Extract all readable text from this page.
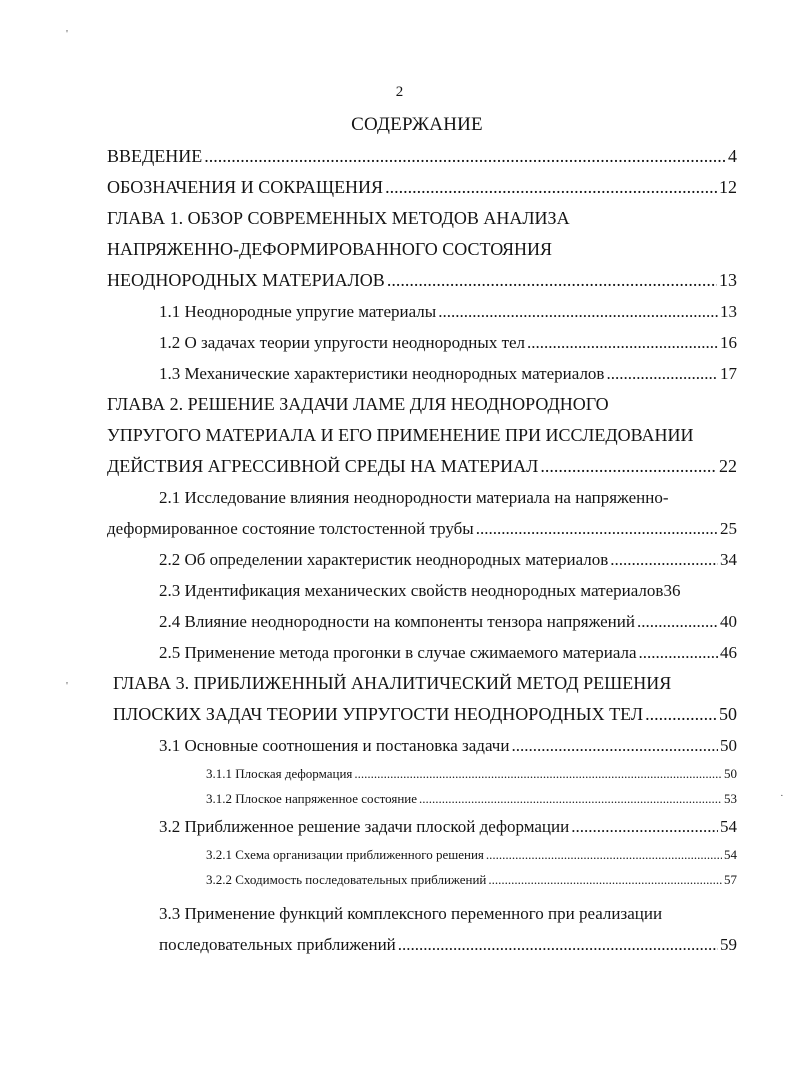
2
СОДЕРЖАНИЕ
'
'
·
ВВЕДЕНИЕ .....	4
ОБОЗНАЧЕНИЯ И СОКРАЩЕНИЯ .....	12
ГЛАВА 1. ОБЗОР СОВРЕМЕННЫХ МЕТОДОВ АНАЛИЗА
НАПРЯЖЕННО-ДЕФОРМИРОВАННОГО СОСТОЯНИЯ
НЕОДНОРОДНЫХ МАТЕРИАЛОВ .....	13
1.1 Неоднородные упругие материалы .....	13
1.2 О задачах теории упругости неоднородных тел .....	16
1.3 Механические характеристики неоднородных материалов .....	17
ГЛАВА 2. РЕШЕНИЕ ЗАДАЧИ ЛАМЕ ДЛЯ НЕОДНОРОДНОГО
УПРУГОГО МАТЕРИАЛА И ЕГО ПРИМЕНЕНИЕ ПРИ ИССЛЕДОВАНИИ
ДЕЙСТВИЯ АГРЕССИВНОЙ СРЕДЫ НА МАТЕРИАЛ .....	22
2.1 Исследование влияния неоднородности материала на напряженно-
деформированное состояние толстостенной трубы .....	25
2.2 Об определении характеристик неоднородных материалов .....	34
2.3 Идентификация механических свойств неоднородных материалов 36
2.4 Влияние неоднородности на компоненты тензора напряжений .....	40
2.5 Применение метода прогонки в случае сжимаемого материала .....	46
ГЛАВА 3. ПРИБЛИЖЕННЫЙ АНАЛИТИЧЕСКИЙ МЕТОД РЕШЕНИЯ
ПЛОСКИХ ЗАДАЧ ТЕОРИИ УПРУГОСТИ НЕОДНОРОДНЫХ ТЕЛ .....	50
3.1 Основные соотношения и постановка задачи .....	50
3.1.1 Плоская деформация .....	50
3.1.2 Плоское напряженное состояние .....	53
3.2 Приближенное решение задачи плоской деформации .....	54
3.2.1 Схема организации приближенного решения .....	54
3.2.2 Сходимость последовательных приближений .....	57
3.3 Применение функций комплексного переменного при реализации
последовательных приближений .....	59
